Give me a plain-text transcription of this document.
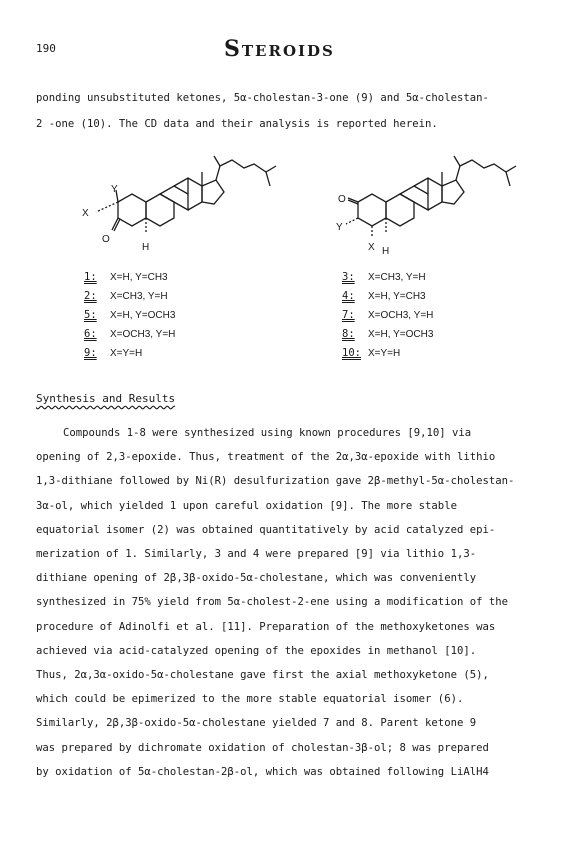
190	STEROIDS
ponding unsubstituted ketones, 5α-cholestan-3-one (9) and 5α-cholestan-
2 -one (10). The CD data and their analysis is reported herein.
Y
X
O
H
O
Y
X H
1: X=H, Y=CH3
2: X=CH3, Y=H
5: X=H, Y=OCH3
6: X=OCH3, Y=H
9: X=Y=H
3: X=CH3, Y=H
4: X=H, Y=CH3
7: X=OCH3, Y=H
8: X=H, Y=OCH3
10: X=Y=H
Synthesis and Results
Compounds 1-8 were synthesized using known procedures [9,10] via
opening of 2,3-epoxide. Thus, treatment of the 2α,3α-epoxide with lithio
1,3-dithiane followed by Ni(R) desulfurization gave 2β-methyl-5α-cholestan-
3α-ol, which yielded 1 upon careful oxidation [9]. The more stable
equatorial isomer (2) was obtained quantitatively by acid catalyzed epi-
merization of 1. Similarly, 3 and 4 were prepared [9] via lithio 1,3-
dithiane opening of 2β,3β-oxido-5α-cholestane, which was conveniently
synthesized in 75% yield from 5α-cholest-2-ene using a modification of the
procedure of Adinolfi et al. [11]. Preparation of the methoxyketones was
achieved via acid-catalyzed opening of the epoxides in methanol [10].
Thus, 2α,3α-oxido-5α-cholestane gave first the axial methoxyketone (5),
which could be epimerized to the more stable equatorial isomer (6).
Similarly, 2β,3β-oxido-5α-cholestane yielded 7 and 8. Parent ketone 9
was prepared by dichromate oxidation of cholestan-3β-ol; 8 was prepared
by oxidation of 5α-cholestan-2β-ol, which was obtained following LiAlH4
